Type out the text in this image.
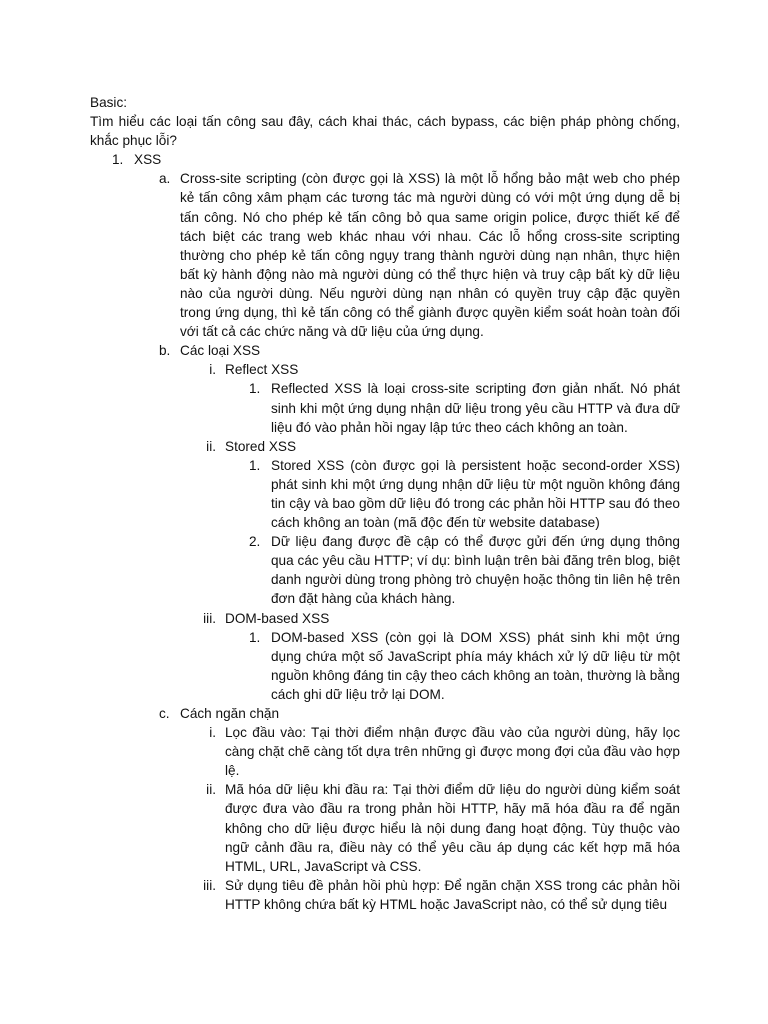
Basic:

Tìm hiểu các loại tấn công sau đây, cách khai thác, cách bypass, các biện pháp phòng chống, khắc phục lỗi?

1. XSS
a. Cross-site scripting (còn được gọi là XSS) là một lỗ hổng bảo mật web cho phép kẻ tấn công xâm phạm các tương tác mà người dùng có với một ứng dụng dễ bị tấn công. Nó cho phép kẻ tấn công bỏ qua same origin police, được thiết kế để tách biệt các trang web khác nhau với nhau. Các lỗ hổng cross-site scripting thường cho phép kẻ tấn công ngụy trang thành người dùng nạn nhân, thực hiện bất kỳ hành động nào mà người dùng có thể thực hiện và truy cập bất kỳ dữ liệu nào của người dùng. Nếu người dùng nạn nhân có quyền truy cập đặc quyền trong ứng dụng, thì kẻ tấn công có thể giành được quyền kiểm soát hoàn toàn đối với tất cả các chức năng và dữ liệu của ứng dụng.
b. Các loại XSS
i. Reflect XSS
1. Reflected XSS là loại cross-site scripting đơn giản nhất. Nó phát sinh khi một ứng dụng nhận dữ liệu trong yêu cầu HTTP và đưa dữ liệu đó vào phản hồi ngay lập tức theo cách không an toàn.
ii. Stored XSS
1. Stored XSS (còn được gọi là persistent hoặc second-order XSS) phát sinh khi một ứng dụng nhận dữ liệu từ một nguồn không đáng tin cậy và bao gồm dữ liệu đó trong các phản hồi HTTP sau đó theo cách không an toàn (mã độc đến từ website database)
2. Dữ liệu đang được đề cập có thể được gửi đến ứng dụng thông qua các yêu cầu HTTP; ví dụ: bình luận trên bài đăng trên blog, biệt danh người dùng trong phòng trò chuyện hoặc thông tin liên hệ trên đơn đặt hàng của khách hàng.
iii. DOM-based XSS
1. DOM-based XSS (còn gọi là DOM XSS) phát sinh khi một ứng dụng chứa một số JavaScript phía máy khách xử lý dữ liệu từ một nguồn không đáng tin cậy theo cách không an toàn, thường là bằng cách ghi dữ liệu trở lại DOM.
c. Cách ngăn chặn
i. Lọc đầu vào: Tại thời điểm nhận được đầu vào của người dùng, hãy lọc càng chặt chẽ càng tốt dựa trên những gì được mong đợi của đầu vào hợp lệ.
ii. Mã hóa dữ liệu khi đầu ra: Tại thời điểm dữ liệu do người dùng kiểm soát được đưa vào đầu ra trong phản hồi HTTP, hãy mã hóa đầu ra để ngăn không cho dữ liệu được hiểu là nội dung đang hoạt động. Tùy thuộc vào ngữ cảnh đầu ra, điều này có thể yêu cầu áp dụng các kết hợp mã hóa HTML, URL, JavaScript và CSS.
iii. Sử dụng tiêu đề phản hồi phù hợp: Để ngăn chặn XSS trong các phản hồi HTTP không chứa bất kỳ HTML hoặc JavaScript nào, có thể sử dụng tiêu
